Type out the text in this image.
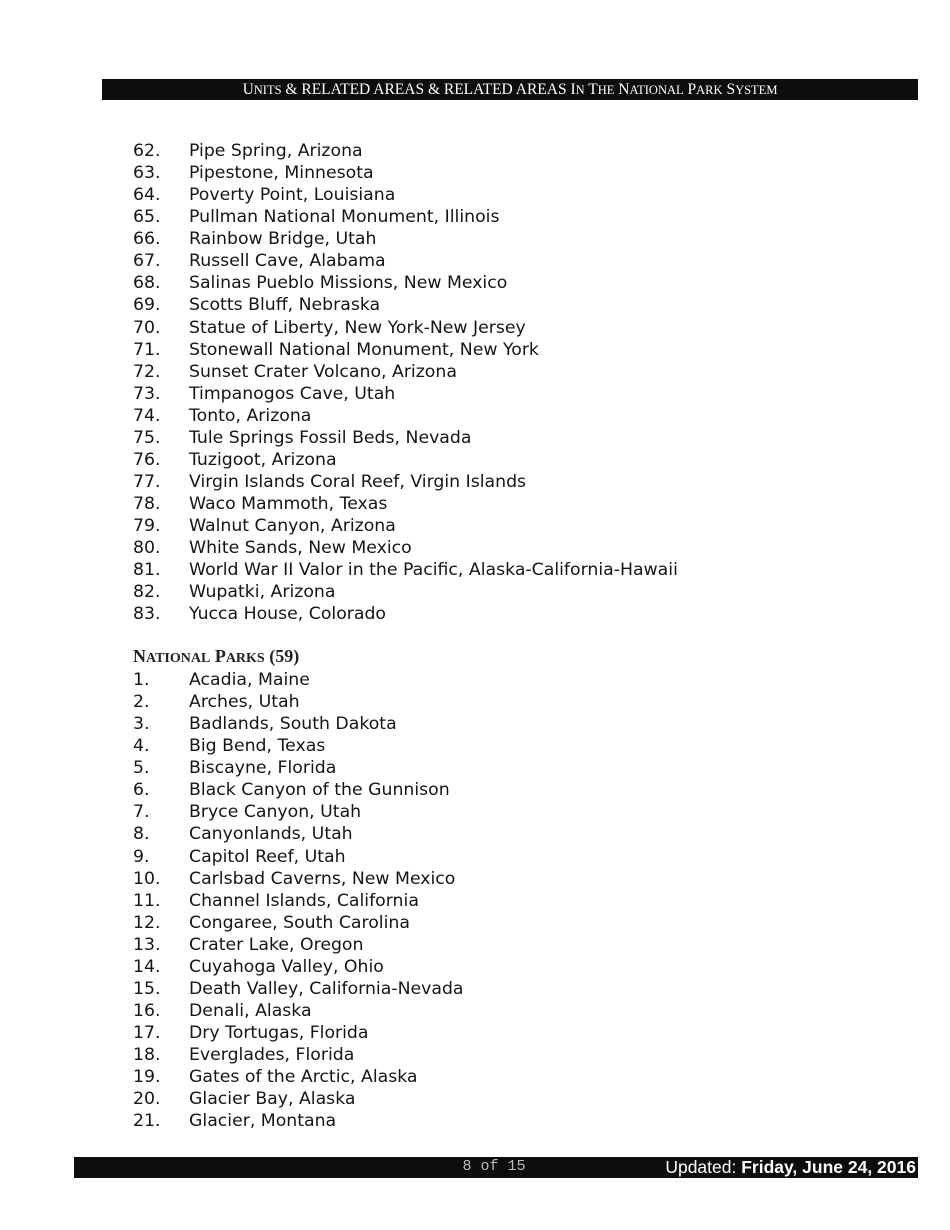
UNITS & RELATED AREAS & RELATED AREAS IN THE NATIONAL PARK SYSTEM
62. Pipe Spring, Arizona
63. Pipestone, Minnesota
64. Poverty Point, Louisiana
65. Pullman National Monument, Illinois
66. Rainbow Bridge, Utah
67. Russell Cave, Alabama
68. Salinas Pueblo Missions, New Mexico
69. Scotts Bluff, Nebraska
70. Statue of Liberty, New York-New Jersey
71. Stonewall National Monument, New York
72. Sunset Crater Volcano, Arizona
73. Timpanogos Cave, Utah
74. Tonto, Arizona
75. Tule Springs Fossil Beds, Nevada
76. Tuzigoot, Arizona
77. Virgin Islands Coral Reef, Virgin Islands
78. Waco Mammoth, Texas
79. Walnut Canyon, Arizona
80. White Sands, New Mexico
81. World War II Valor in the Pacific, Alaska-California-Hawaii
82. Wupatki, Arizona
83. Yucca House, Colorado
NATIONAL PARKS (59)
1. Acadia, Maine
2. Arches, Utah
3. Badlands, South Dakota
4. Big Bend, Texas
5. Biscayne, Florida
6. Black Canyon of the Gunnison
7. Bryce Canyon, Utah
8. Canyonlands, Utah
9. Capitol Reef, Utah
10. Carlsbad Caverns, New Mexico
11. Channel Islands, California
12. Congaree, South Carolina
13. Crater Lake, Oregon
14. Cuyahoga Valley, Ohio
15. Death Valley, California-Nevada
16. Denali, Alaska
17. Dry Tortugas, Florida
18. Everglades, Florida
19. Gates of the Arctic, Alaska
20. Glacier Bay, Alaska
21. Glacier, Montana
8 of 15	Updated: Friday, June 24, 2016
